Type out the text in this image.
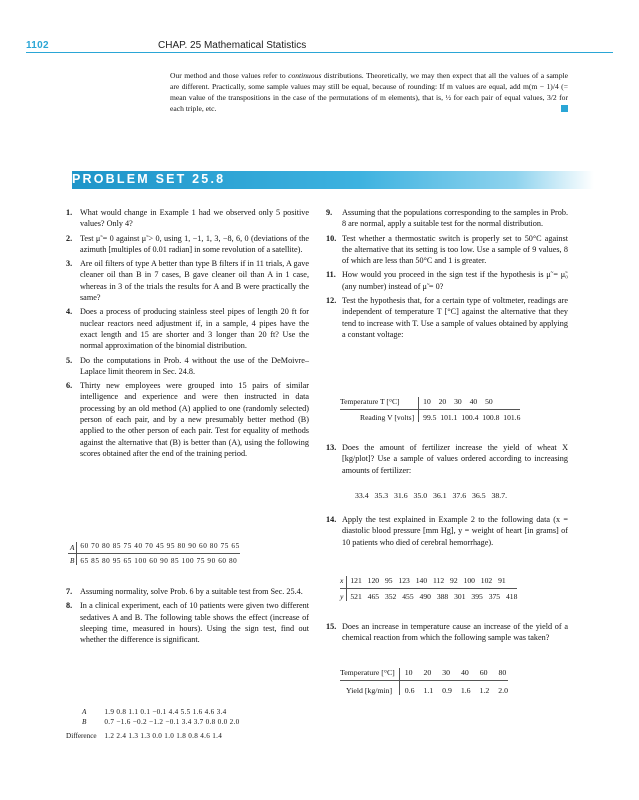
1102	CHAP. 25 Mathematical Statistics
Our method and those values refer to continuous distributions. Theoretically, we may then expect that all the values of a sample are different. Practically, some sample values may still be equal, because of rounding: If m values are equal, add m(m − 1)/4 (= mean value of the transpositions in the case of the permutations of m elements), that is, ½ for each pair of equal values, 3/2 for each triple, etc.
PROBLEM SET 25.8
1. What would change in Example 1 had we observed only 5 positive values? Only 4?
2. Test μ̃ = 0 against μ̃ > 0, using 1, −1, 1, 3, −8, 6, 0 (deviations of the azimuth [multiples of 0.01 radian] in some revolution of a satellite).
3. Are oil filters of type A better than type B filters if in 11 trials, A gave cleaner oil than B in 7 cases, B gave cleaner oil than A in 1 case, whereas in 3 of the trials the results for A and B were practically the same?
4. Does a process of producing stainless steel pipes of length 20 ft for nuclear reactors need adjustment if, in a sample, 4 pipes have the exact length and 15 are shorter and 3 longer than 20 ft? Use the normal approximation of the binomial distribution.
5. Do the computations in Prob. 4 without the use of the DeMoivre–Laplace limit theorem in Sec. 24.8.
6. Thirty new employees were grouped into 15 pairs of similar intelligence and experience and were then instructed in data processing by an old method (A) applied to one (randomly selected) person of each pair, and by a new presumably better method (B) applied to the other person of each pair. Test for equality of methods against the alternative that (B) is better than (A), using the following scores obtained after the end of the training period.
A	60 70 80 85 75 40 70 45 95 80 90 60 80 75 65
B	65 85 80 95 65 100 60 90 85 100 75 90 60 80
7. Assuming normality, solve Prob. 6 by a suitable test from Sec. 25.4.
8. In a clinical experiment, each of 10 patients were given two different sedatives A and B. The following table shows the effect (increase of sleeping time, measured in hours). Using the sign test, find out whether the difference is significant.
A	1.9 0.8 1.1 0.1 −0.1 4.4 5.5 1.6 4.6 3.4
B	0.7 −1.6 −0.2 −1.2 −0.1 3.4 3.7 0.8 0.0 2.0

Difference	1.2 2.4 1.3 1.3 0.0 1.0 1.8 0.8 4.6 1.4
9. Assuming that the populations corresponding to the samples in Prob. 8 are normal, apply a suitable test for the normal distribution.
10. Test whether a thermostatic switch is properly set to 50°C against the alternative that its setting is too low. Use a sample of 9 values, 8 of which are less than 50°C and 1 is greater.
11. How would you proceed in the sign test if the hypothesis is μ̃ = μ̃₀ (any number) instead of μ̃ = 0?
12. Test the hypothesis that, for a certain type of voltmeter, readings are independent of temperature T [°C] against the alternative that they tend to increase with T. Use a sample of values obtained by applying a constant voltage:
Temperature T [°C]	10 20 30 40 50
Reading V [volts]	99.5 101.1 100.4 100.8 101.6
13. Does the amount of fertilizer increase the yield of wheat X [kg/plot]? Use a sample of values ordered according to increasing amounts of fertilizer:
33.4   35.3   31.6   35.0   36.1   37.6   36.5   38.7.
14. Apply the test explained in Example 2 to the following data (x = diastolic blood pressure [mm Hg], y = weight of heart [in grams] of 10 patients who died of cerebral hemorrhage).
x	121 120 95 123 140 112 92 100 102 91
y	521 465 352 455 490 388 301 395 375 418
15. Does an increase in temperature cause an increase of the yield of a chemical reaction from which the following sample was taken?
Temperature [°C]	10 20 30 40 60 80
Yield [kg/min]	0.6 1.1 0.9 1.6 1.2 2.0
